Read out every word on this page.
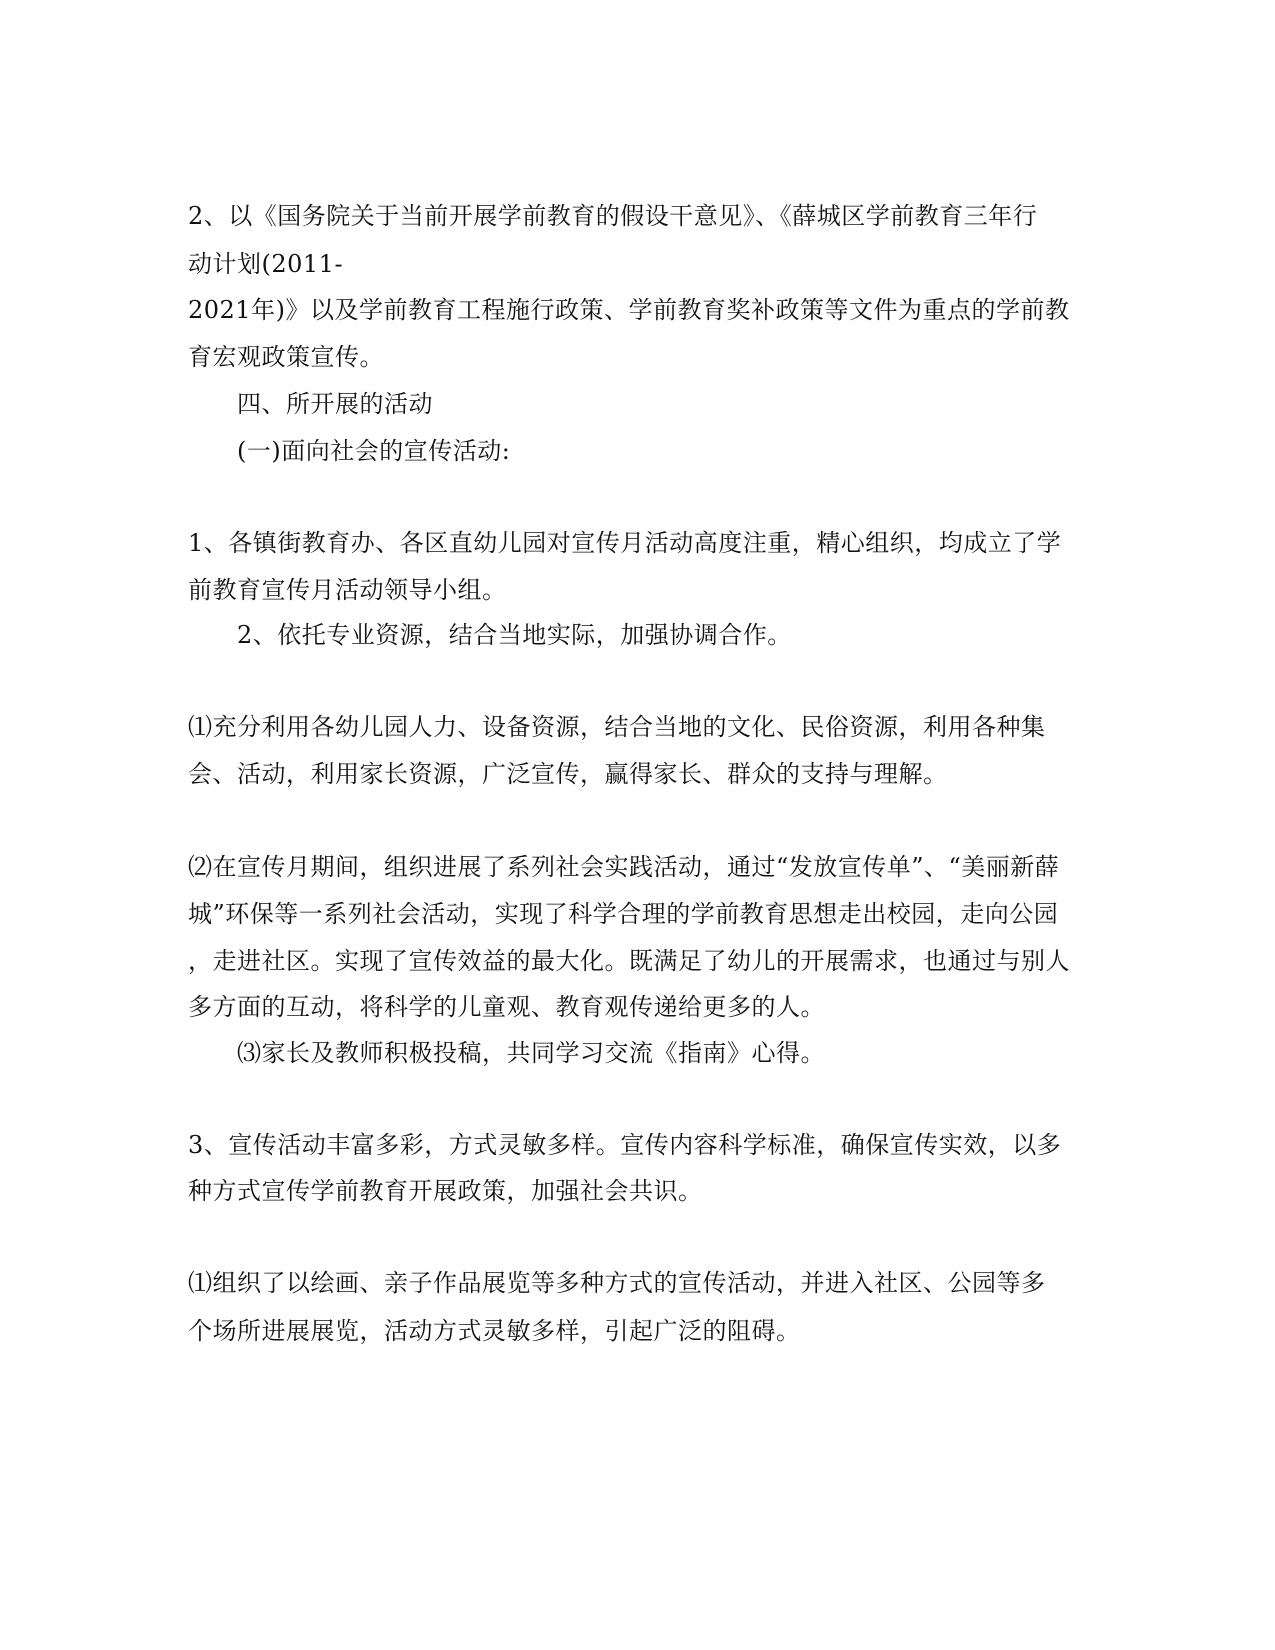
2、以《国务院关于当前开展学前教育的假设干意见》、《薛城区学前教育三年行
动计划(2011-
2021年)》以及学前教育工程施行政策、学前教育奖补政策等文件为重点的学前教
育宏观政策宣传。
四、所开展的活动
(一)面向社会的宣传活动:
1、各镇街教育办、各区直幼儿园对宣传月活动高度注重，精心组织，均成立了学
前教育宣传月活动领导小组。
2、依托专业资源，结合当地实际，加强协调合作。
⑴充分利用各幼儿园人力、设备资源，结合当地的文化、民俗资源，利用各种集
会、活动，利用家长资源，广泛宣传，赢得家长、群众的支持与理解。
⑵在宣传月期间，组织进展了系列社会实践活动，通过“发放宣传单”、“美丽新薛
城”环保等一系列社会活动，实现了科学合理的学前教育思想走出校园，走向公园
，走进社区。实现了宣传效益的最大化。既满足了幼儿的开展需求，也通过与别人
多方面的互动，将科学的儿童观、教育观传递给更多的人。
⑶家长及教师积极投稿，共同学习交流《指南》心得。
3、宣传活动丰富多彩，方式灵敏多样。宣传内容科学标准，确保宣传实效，以多
种方式宣传学前教育开展政策，加强社会共识。
⑴组织了以绘画、亲子作品展览等多种方式的宣传活动，并进入社区、公园等多
个场所进展展览，活动方式灵敏多样，引起广泛的阻碍。
